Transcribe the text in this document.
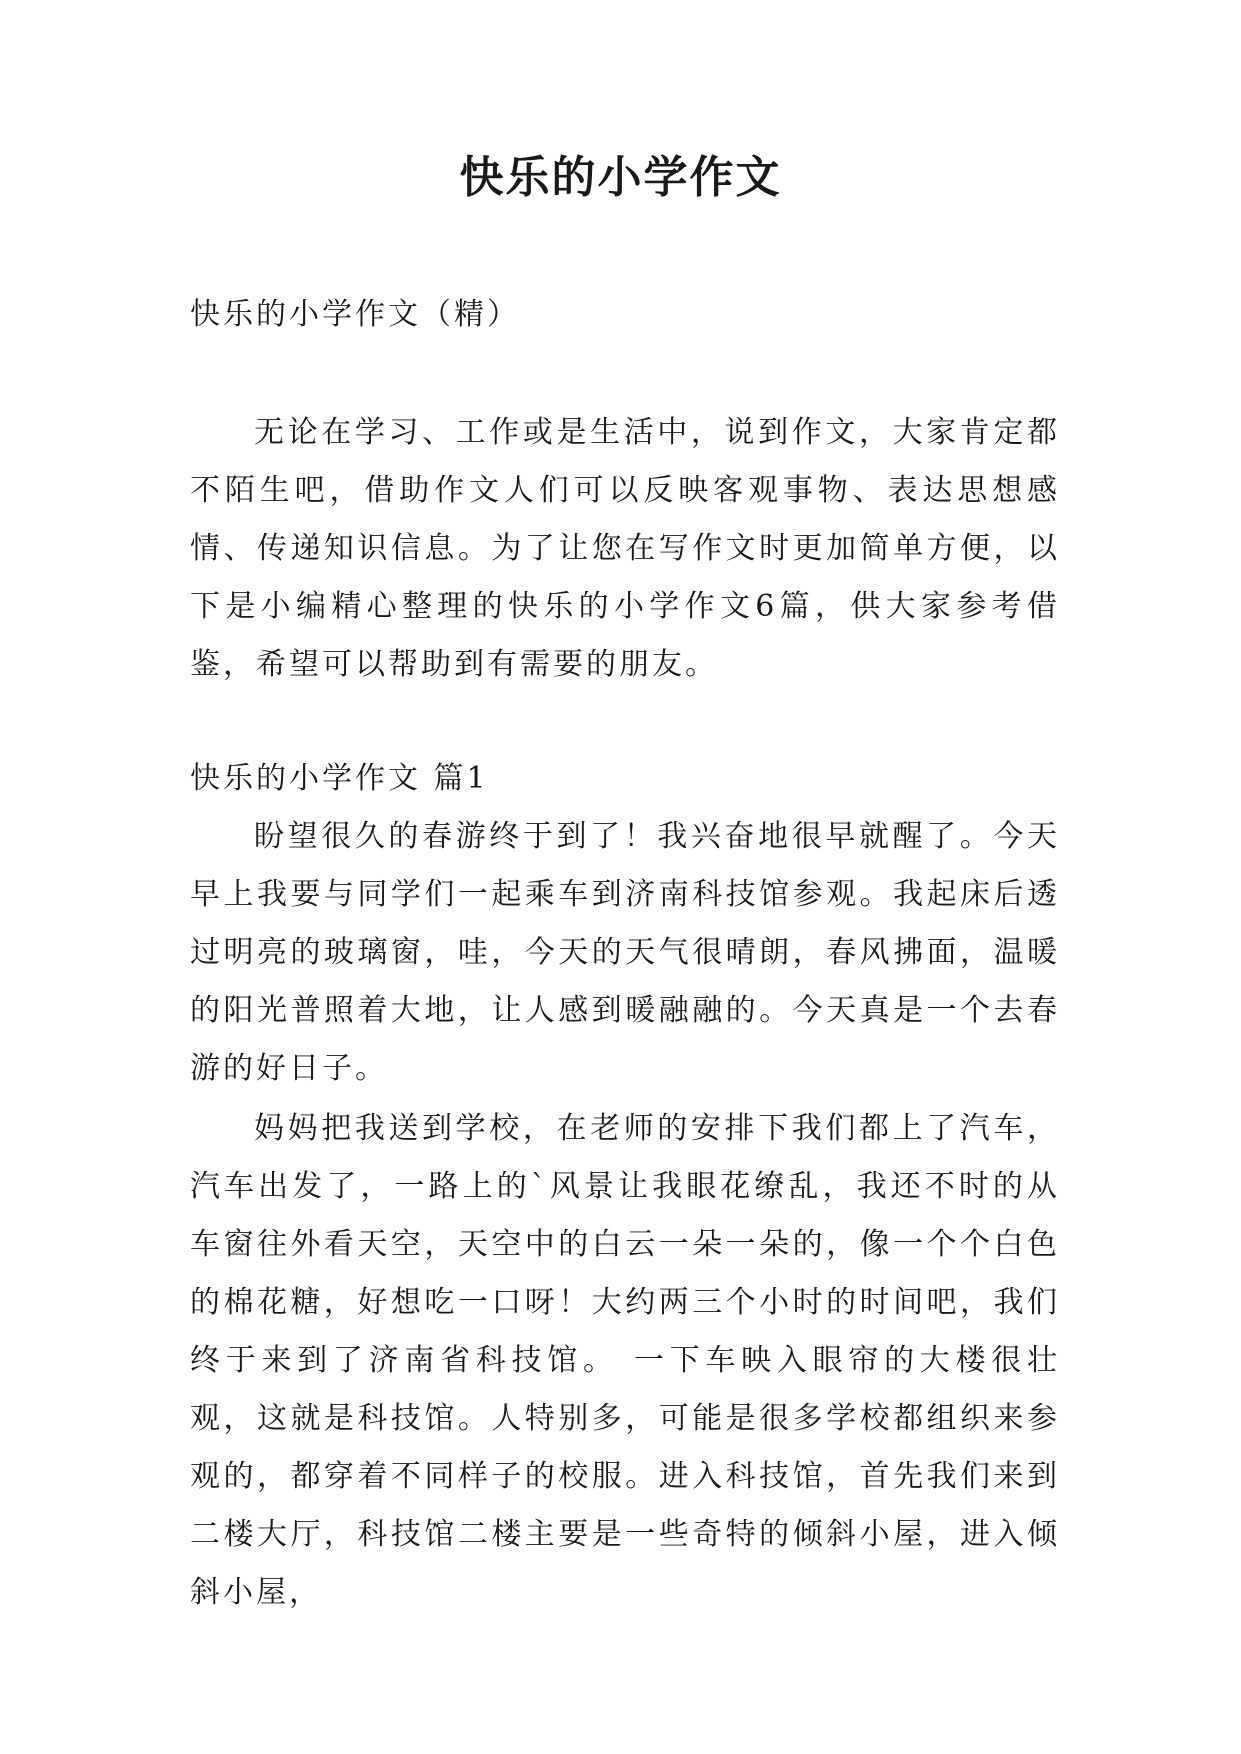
快乐的小学作文

快乐的小学作文（精）

无论在学习、工作或是生活中，说到作文，大家肯定都不陌生吧，借助作文人们可以反映客观事物、表达思想感情、传递知识信息。为了让您在写作文时更加简单方便，以下是小编精心整理的快乐的小学作文6篇，供大家参考借鉴，希望可以帮助到有需要的朋友。

快乐的小学作文 篇1

盼望很久的春游终于到了！我兴奋地很早就醒了。今天早上我要与同学们一起乘车到济南科技馆参观。我起床后透过明亮的玻璃窗，哇，今天的天气很晴朗，春风拂面，温暖的阳光普照着大地，让人感到暖融融的。今天真是一个去春游的好日子。

妈妈把我送到学校，在老师的安排下我们都上了汽车，汽车出发了，一路上的`风景让我眼花缭乱，我还不时的从车窗往外看天空，天空中的白云一朵一朵的，像一个个白色的棉花糖，好想吃一口呀！大约两三个小时的时间吧，我们终于来到了济南省科技馆。 一下车映入眼帘的大楼很壮观，这就是科技馆。人特别多，可能是很多学校都组织来参观的，都穿着不同样子的校服。进入科技馆，首先我们来到二楼大厅，科技馆二楼主要是一些奇特的倾斜小屋，进入倾斜小屋，
